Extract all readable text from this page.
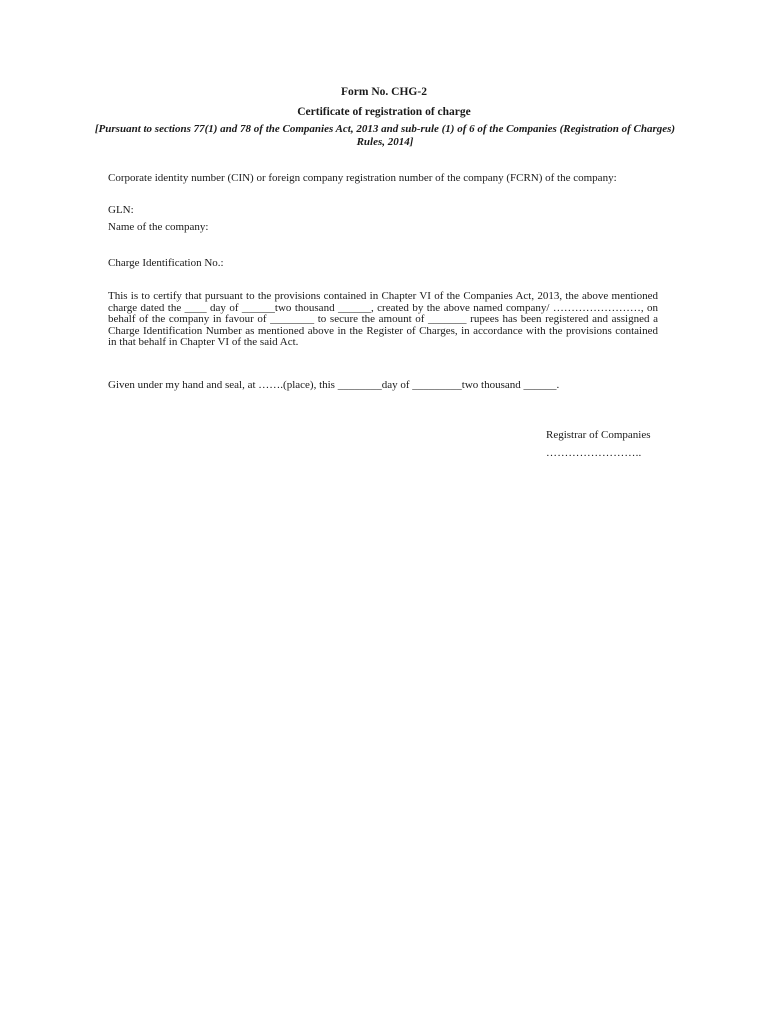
Form No. CHG-2
Certificate of registration of charge
[Pursuant to sections 77(1) and 78 of the Companies Act, 2013 and sub-rule (1) of 6 of the Companies (Registration of Charges) Rules, 2014]
Corporate identity number (CIN) or foreign company registration number of the company (FCRN) of the company:
GLN:
Name of the company:
Charge Identification No.:
This is to certify that pursuant to the provisions contained in Chapter VI of the Companies Act, 2013, the above mentioned charge dated the ____ day of ______two thousand ______, created by the above named company/ ……………………, on behalf of the company in favour of ________ to secure the amount of _______ rupees has been registered and assigned a Charge Identification Number as mentioned above in the Register of Charges, in accordance with the provisions contained in that behalf in Chapter VI of the said Act.
Given under my hand and seal, at …….(place), this ________day of _________two thousand ______.
Registrar of Companies
……………………..
